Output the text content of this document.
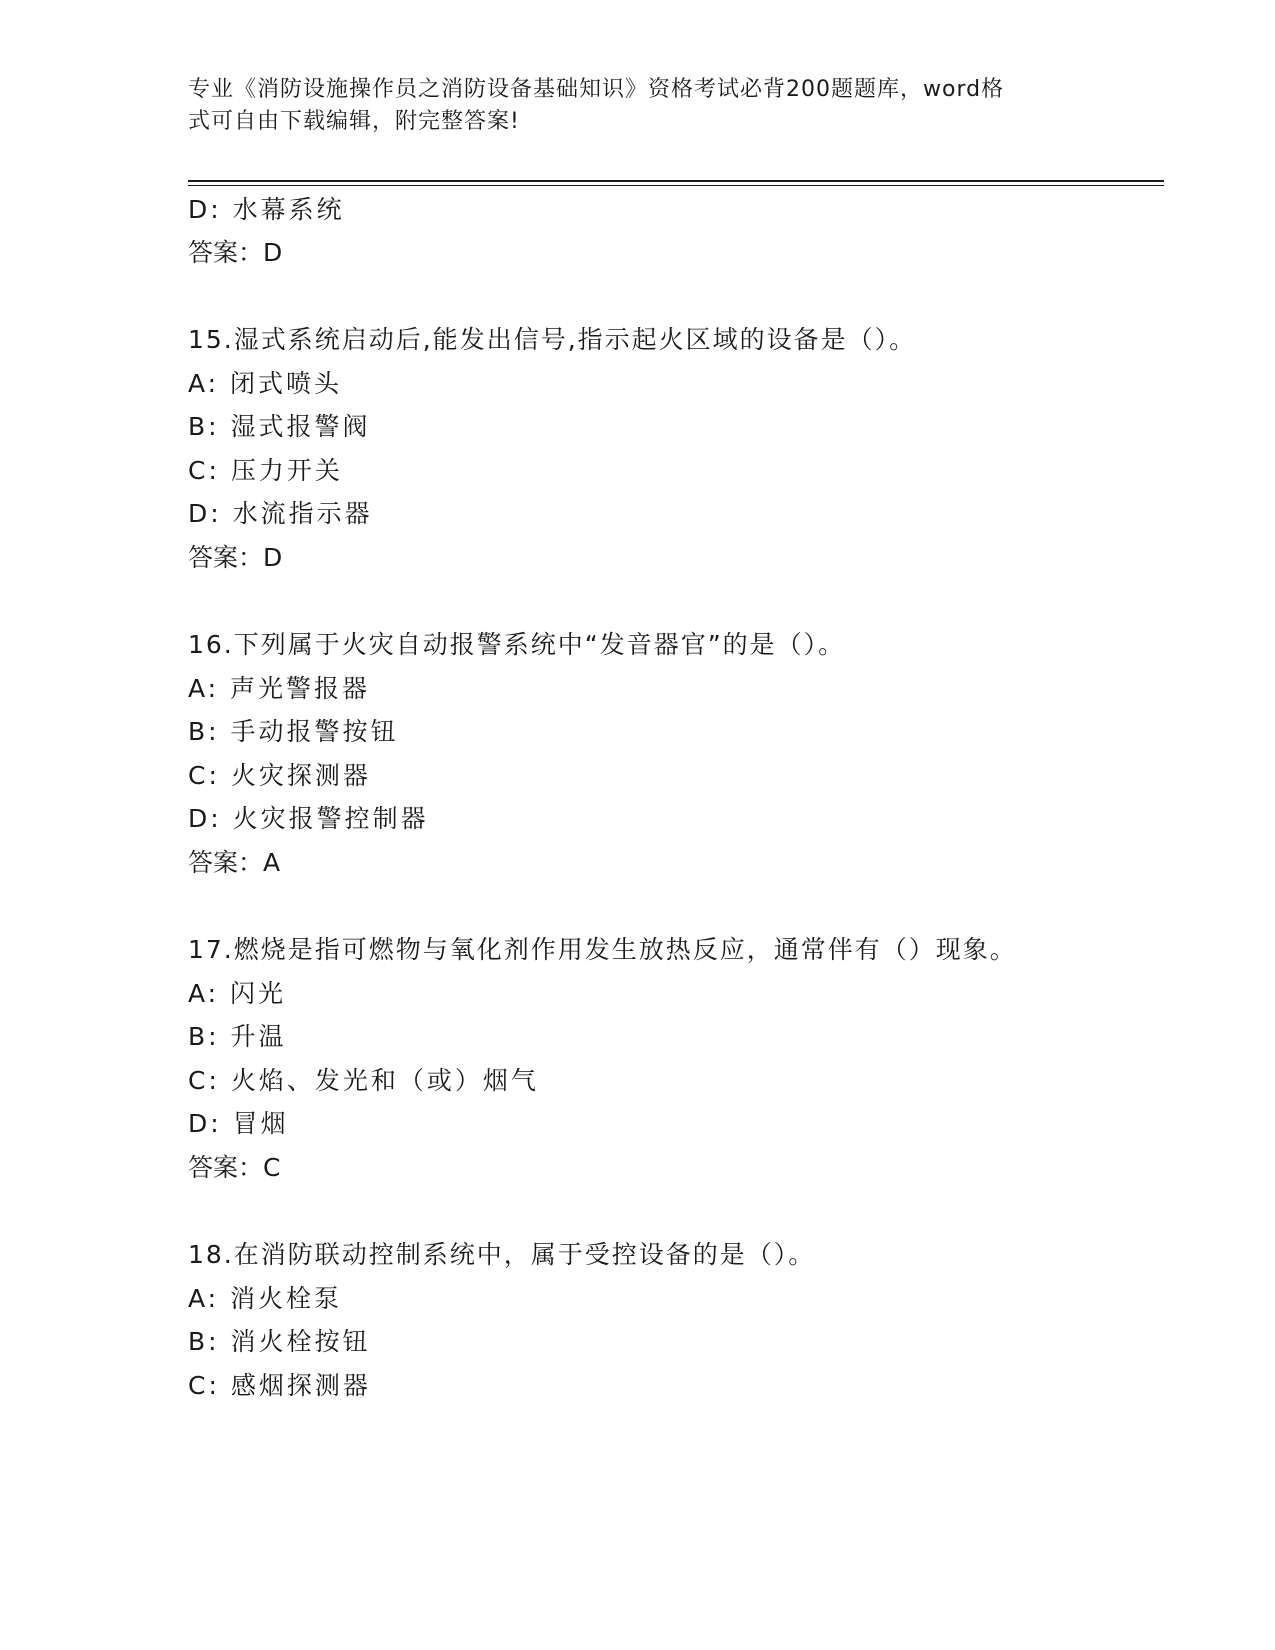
专业《消防设施操作员之消防设备基础知识》资格考试必背200题题库，word格
式可自由下载编辑，附完整答案!
D: 水幕系统
答案：D
15.湿式系统启动后,能发出信号,指示起火区域的设备是（）。
A: 闭式喷头
B: 湿式报警阀
C: 压力开关
D: 水流指示器
答案：D
16.下列属于火灾自动报警系统中“发音器官”的是（）。
A: 声光警报器
B: 手动报警按钮
C: 火灾探测器
D: 火灾报警控制器
答案：A
17.燃烧是指可燃物与氧化剂作用发生放热反应，通常伴有（）现象。
A: 闪光
B: 升温
C: 火焰、发光和（或）烟气
D: 冒烟
答案：C
18.在消防联动控制系统中，属于受控设备的是（）。
A: 消火栓泵
B: 消火栓按钮
C: 感烟探测器
